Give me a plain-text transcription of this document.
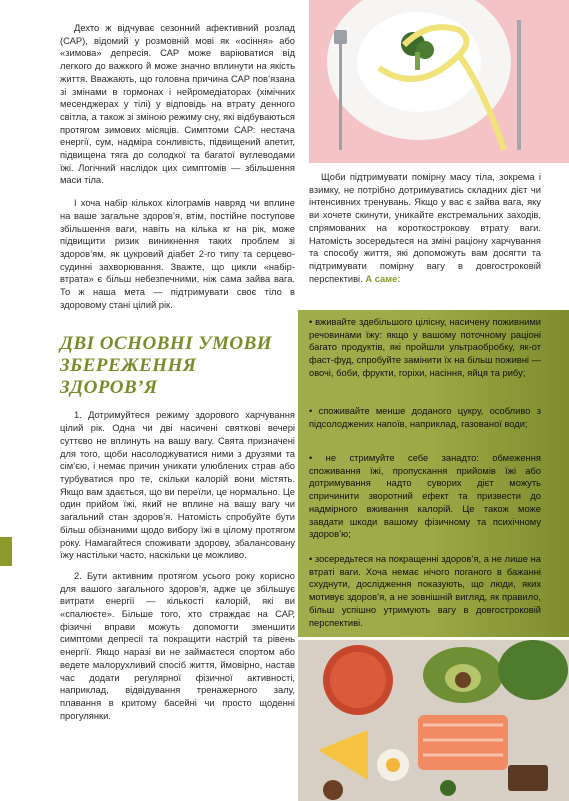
Дехто ж відчуває сезонний афективний розлад (САР), відомий у розмовній мові як «осіння» або «зимова» депресія. САР може варіюватися від легкого до важкого й може значно вплинути на якість життя. Вважають, що головна причина САР пов’язана зі змінами в гормонах і нейромедіаторах (хімічних месенджерах у тілі) у відповідь на втрату денного світла, а також зі зміною режиму сну, які відбуваються протягом зимових місяців. Симптоми САР: нестача енергії, сум, надміра сонливість, підвищений апетит, підвищена тяга до солодкої та багатої вуглеводами їжі. Логічний наслідок цих симптомів — збільшення маси тіла.

І хоча набір кількох кілограмів навряд чи вплине на ваше загальне здоров’я, втім, постійне поступове збільшення ваги, навіть на кілька кг на рік, може підвищити ризик виникнення таких проблем зі здоров’ям, як цукровий діабет 2-го типу та серцево-судинні захворювання. Зважте, що цикли «набір-втрата» є більш небезпечними, ніж сама зайва вага. То ж наша мета — підтримувати своє тіло в здоровому стані цілий рік.

ДВІ ОСНОВНІ УМОВИ ЗБЕРЕЖЕННЯ ЗДОРОВ’Я

1. Дотримуйтеся режиму здорового харчування цілий рік. Одна чи дві насичені святкові вечері суттєво не вплинуть на вашу вагу. Свята призначені для того, щоби насолоджуватися ними з друзями та сім’єю, і немає причин уникати улюблених страв або турбуватися про те, скільки калорій вони містять. Якщо вам здається, що ви переїли, це нормально. Це один прийом їжі, який не вплине на вашу вагу чи загальний стан здоров’я. Натомість спробуйте бути більш обізнаними щодо вибору їжі в цілому протягом року. Намагайтеся споживати здорову, збалансовану їжу настільки часто, наскільки це можливо.

2. Бути активним протягом усього року корисно для вашого загального здоров’я, адже це збільшує витрати енергії — кількості калорій, які ви «спалюєте». Більше того, хто страждає на САР, фізичні вправи можуть допомогти зменшити симптоми депресії та покращити настрій та рівень енергії. Якщо наразі ви не займаєтеся спортом або ведете малорухливий спосіб життя, ймовірно, настав час додати регулярної фізичної активності, наприклад, відвідування тренажерного залу, плавання в критому басейні чи просто щоденні прогулянки.

Щоби підтримувати помірну масу тіла, зокрема і взимку, не потрібно дотримуватись складних дієт чи інтенсивних тренувань. Якщо у вас є зайва вага, яку ви хочете скинути, уникайте екстремальних заходів, спрямованих на короткострокову втрату ваги. Натомість зосередьтеся на зміні раціону харчування та способу життя, які допоможуть вам досягти та підтримувати помірну вагу в довгостроковій перспективі. А саме:

• вживайте здебільшого цілісну, насичену поживними речовинами їжу: якщо у вашому поточному раціоні багато продуктів, які пройшли ультраобробку, як-от фаст-фуд, спробуйте замінити їх на більш поживні — овочі, боби, фрукти, горіхи, насіння, яйця та рибу;
• споживайте менше доданого цукру, особливо з підсолоджених напоїв, наприклад, газованої води;
• не стримуйте себе занадто: обмеження споживання їжі, пропускання прийомів їжі або дотримування надто суворих дієт можуть спричинити зворотний ефект та призвести до надмірного вживання калорій. Це також може завдати шкоди вашому фізичному та психічному здоров’ю;
• зосередьтеся на покращенні здоров’я, а не лише на втраті ваги. Хоча немає нічого поганого в бажанні схуднути, дослідження показують, що люди, яких мотивує здоров’я, а не зовнішній вигляд, як правило, більш успішно утримують вагу в довгостроковій перспективі.
